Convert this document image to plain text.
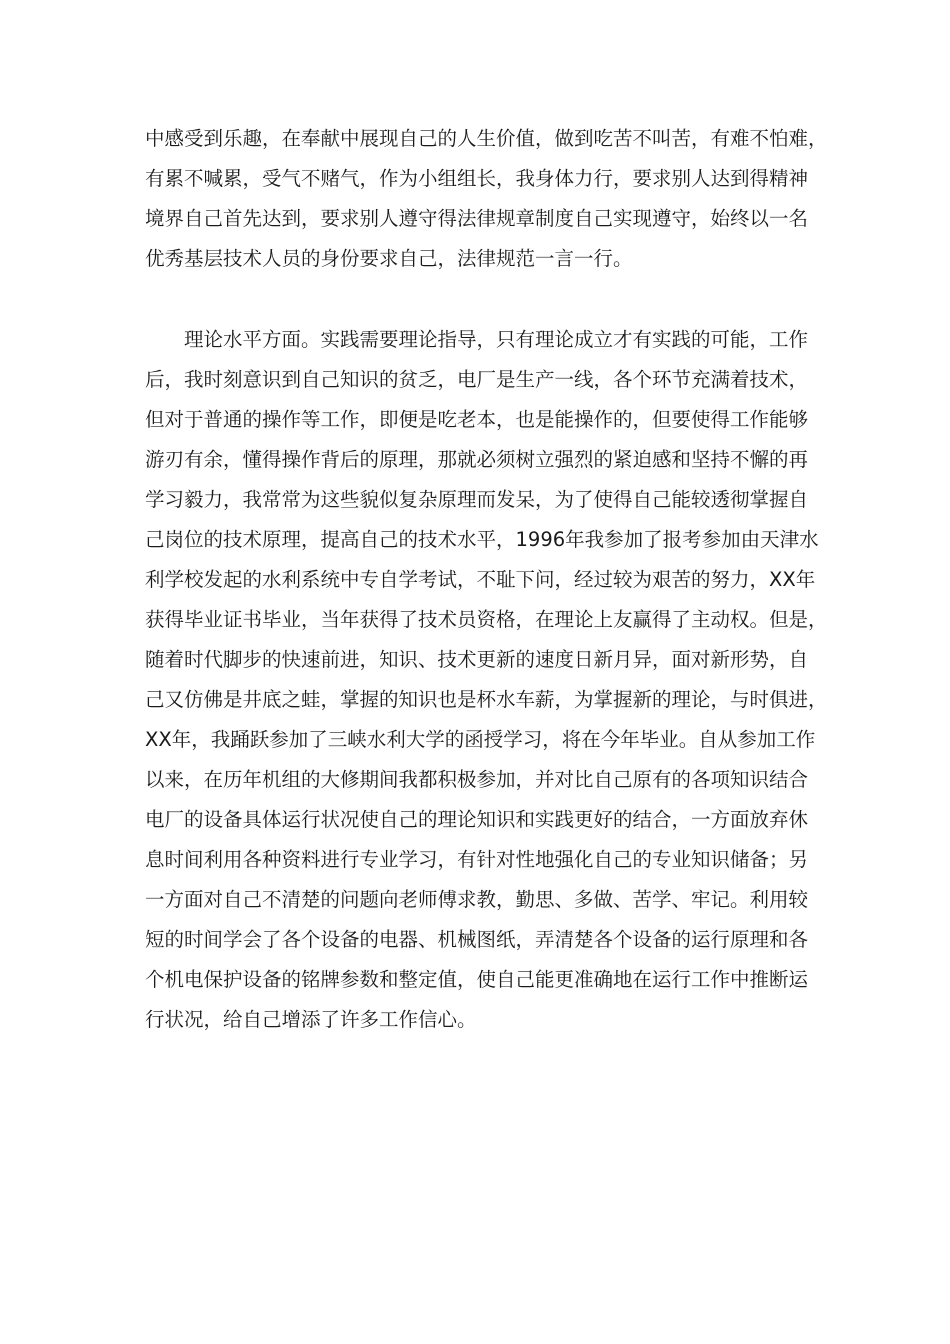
中感受到乐趣，在奉献中展现自己的人生价值，做到吃苦不叫苦，有难不怕难，
有累不喊累，受气不赌气，作为小组组长，我身体力行，要求别人达到得精神
境界自己首先达到，要求别人遵守得法律规章制度自己实现遵守，始终以一名
优秀基层技术人员的身份要求自己，法律规范一言一行。
理论水平方面。实践需要理论指导，只有理论成立才有实践的可能，工作
后，我时刻意识到自己知识的贫乏，电厂是生产一线，各个环节充满着技术，
但对于普通的操作等工作，即便是吃老本，也是能操作的，但要使得工作能够
游刃有余，懂得操作背后的原理，那就必须树立强烈的紧迫感和坚持不懈的再
学习毅力，我常常为这些貌似复杂原理而发呆，为了使得自己能较透彻掌握自
己岗位的技术原理，提高自己的技术水平，1996年我参加了报考参加由天津水
利学校发起的水利系统中专自学考试，不耻下问，经过较为艰苦的努力，XX年
获得毕业证书毕业，当年获得了技术员资格，在理论上友赢得了主动权。但是，
随着时代脚步的快速前进，知识、技术更新的速度日新月异，面对新形势，自
己又仿佛是井底之蛙，掌握的知识也是杯水车薪，为掌握新的理论，与时俱进，
XX年，我踊跃参加了三峡水利大学的函授学习，将在今年毕业。自从参加工作
以来，在历年机组的大修期间我都积极参加，并对比自己原有的各项知识结合
电厂的设备具体运行状况使自己的理论知识和实践更好的结合，一方面放弃休
息时间利用各种资料进行专业学习，有针对性地强化自己的专业知识储备；另
一方面对自己不清楚的问题向老师傅求教，勤思、多做、苦学、牢记。利用较
短的时间学会了各个设备的电器、机械图纸，弄清楚各个设备的运行原理和各
个机电保护设备的铭牌参数和整定值，使自己能更准确地在运行工作中推断运
行状况，给自己增添了许多工作信心。
